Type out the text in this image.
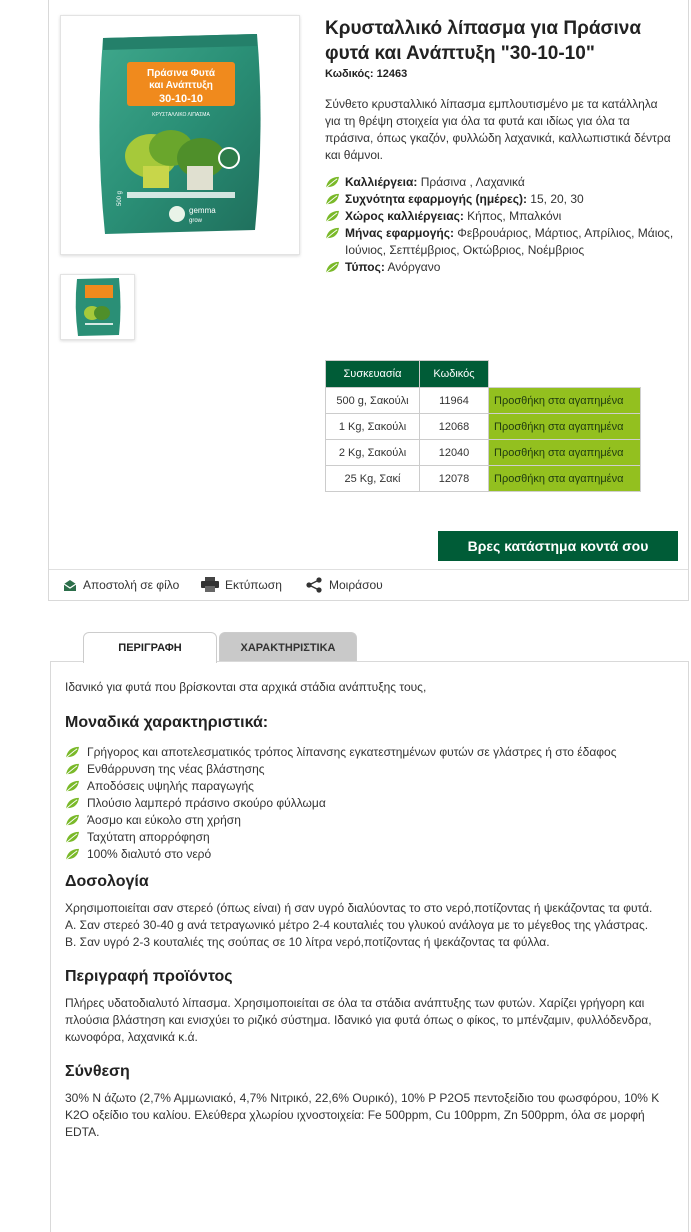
Πράσινα Φυτά
και Ανάπτυξη
30-10-10
ΚΡΥΣΤΑΛΛΙΚΟ ΛΙΠΑΣΜΑ
gemma
grow
500 g
Κρυσταλλικό λίπασμα για Πράσινα φυτά και Ανάπτυξη "30-10-10"
Κωδικός: 12463

Σύνθετο κρυσταλλικό λίπασμα εμπλουτισμένο με τα κατάλληλα για τη θρέψη στοιχεία για όλα τα φυτά και ιδίως για όλα τα πράσινα, όπως γκαζόν, φυλλώδη λαχανικά, καλλωπιστικά δέντρα και θάμνοι.

Καλλιέργεια: Πράσινα , Λαχανικά
Συχνότητα εφαρμογής (ημέρες): 15, 20, 30
Χώρος καλλιέργειας: Κήπος, Μπαλκόνι
Μήνας εφαρμογής: Φεβρουάριος, Μάρτιος, Απρίλιος, Μάιος, Ιούνιος, Σεπτέμβριος, Οκτώβριος, Νοέμβριος
Τύπος: Ανόργανο
Συσκευασία	Κωδικός	
500 g, Σακούλι	11964	Προσθήκη στα αγαπημένα
1 Kg, Σακούλι	12068	Προσθήκη στα αγαπημένα
2 Kg, Σακούλι	12040	Προσθήκη στα αγαπημένα
25 Kg, Σακί	12078	Προσθήκη στα αγαπημένα
Βρες κατάστημα κοντά σου
Αποστολή σε φίλο	Εκτύπωση	Μοιράσου
ΠΕΡΙΓΡΑΦΗ	ΧΑΡΑΚΤΗΡΙΣΤΙΚΑ

Ιδανικό για φυτά που βρίσκονται στα αρχικά στάδια ανάπτυξης τους,

Μοναδικά χαρακτηριστικά:
Γρήγορος και αποτελεσματικός τρόπος λίπανσης εγκατεστημένων φυτών σε γλάστρες ή στο έδαφος
Ενθάρρυνση της νέας βλάστησης
Αποδόσεις υψηλής παραγωγής
Πλούσιο λαμπερό πράσινο σκούρο φύλλωμα
Άοσμο και εύκολο στη χρήση
Ταχύτατη απορρόφηση
100% διαλυτό στο νερό
Δοσολογία
Χρησιμοποιείται σαν στερεό (όπως είναι) ή σαν υγρό διαλύοντας το στο νερό,ποτίζοντας ή ψεκάζοντας τα φυτά.
Α. Σαν στερεό 30-40 g ανά τετραγωνικό μέτρο 2-4 κουταλιές του γλυκού ανάλογα με το μέγεθος της γλάστρας.
Β. Σαν υγρό 2-3 κουταλιές της σούπας σε 10 λίτρα νερό,ποτίζοντας ή ψεκάζοντας τα φύλλα.
Περιγραφή προϊόντος

Πλήρες υδατοδιαλυτό λίπασμα. Χρησιμοποιείται σε όλα τα στάδια ανάπτυξης των φυτών. Χαρίζει γρήγορη και πλούσια βλάστηση και ενισχύει το ριζικό σύστημα. Ιδανικό για φυτά όπως ο φίκος, το μπένζαμιν, φυλλόδενδρα, κωνοφόρα, λαχανικά κ.ά.

Σύνθεση

30% N άζωτο (2,7% Αμμωνιακό, 4,7% Νιτρικό, 22,6% Ουρικό), 10% P P2O5 πεντοξείδιο του φωσφόρου, 10% K K2O οξείδιο του καλίου. Ελεύθερα χλωρίου ιχνοστοιχεία: Fe 500ppm, Cu 100ppm, Zn 500ppm, όλα σε μορφή EDTA.
